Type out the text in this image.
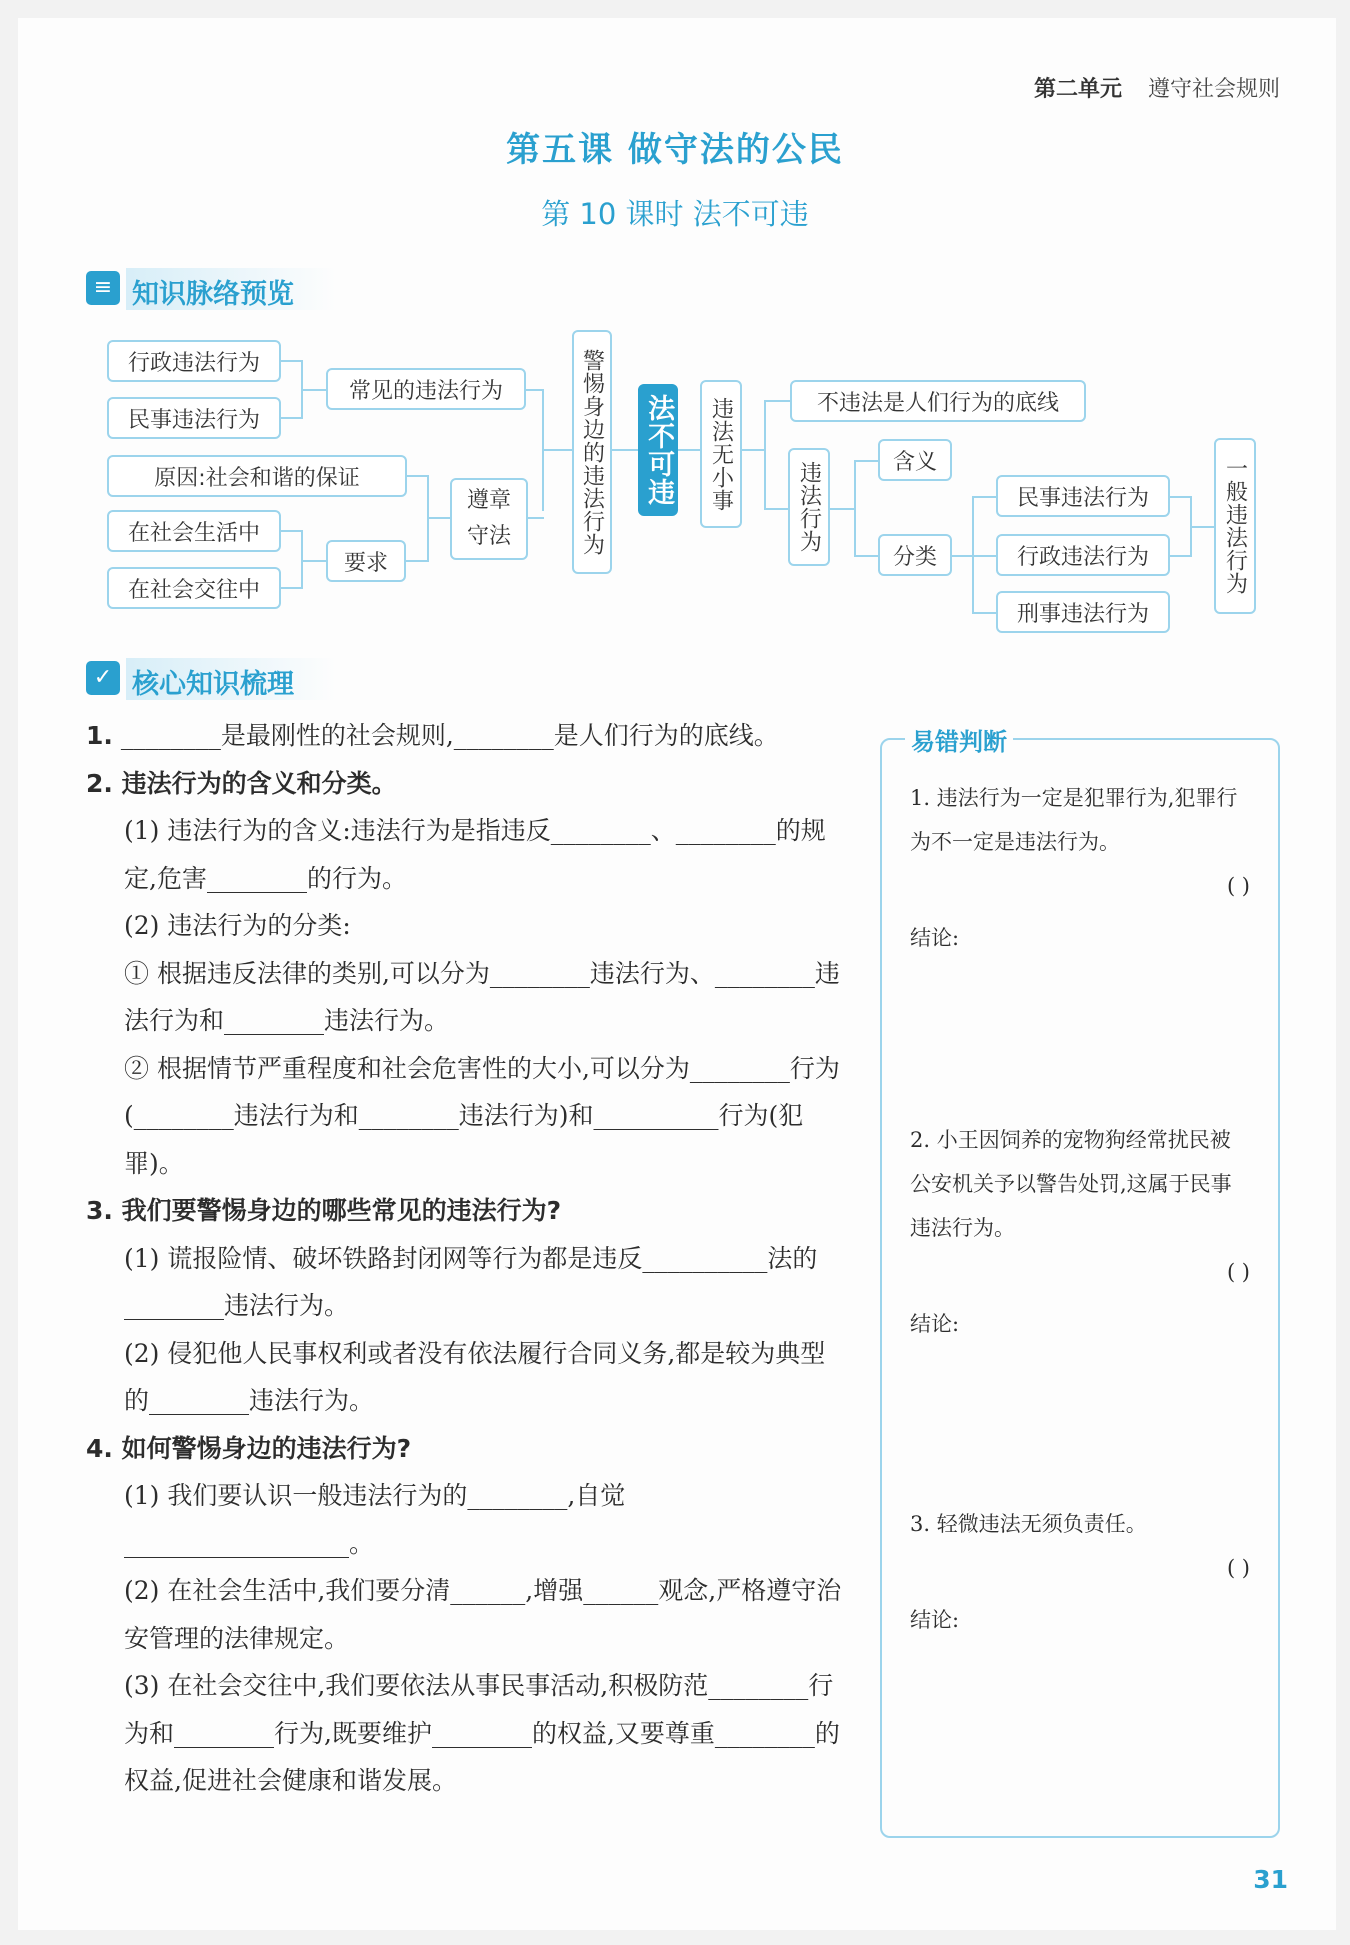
第二单元 遵守社会规则
第五课 做守法的公民
第 10 课时 法不可违
≡ 知识脉络预览
行政违法行为
民事违法行为
常见的违法行为
原因:社会和谐的保证
在社会生活中
在社会交往中
要求
遵章
守法	警惕身边的违法行为 法不可违 违法无小事	不违法是人们行为的底线
违法行为	含义
分类
民事违法行为
行政违法行为
刑事违法行为
一般违法行为
✓ 核心知识梳理

1. ________是最刚性的社会规则,________是人们行为的底线。

2. 违法行为的含义和分类。

(1) 违法行为的含义:违法行为是指违反________、________的规定,危害________的行为。

(2) 违法行为的分类:

① 根据违反法律的类别,可以分为________违法行为、________违法行为和________违法行为。

② 根据情节严重程度和社会危害性的大小,可以分为________行为(________违法行为和________违法行为)和__________行为(犯罪)。

3. 我们要警惕身边的哪些常见的违法行为?

(1) 谎报险情、破坏铁路封闭网等行为都是违反__________法的________违法行为。

(2) 侵犯他人民事权利或者没有依法履行合同义务,都是较为典型的________违法行为。

4. 如何警惕身边的违法行为?

(1) 我们要认识一般违法行为的________,自觉__________________。

(2) 在社会生活中,我们要分清______,增强______观念,严格遵守治安管理的法律规定。

(3) 在社会交往中,我们要依法从事民事活动,积极防范________行为和________行为,既要维护________的权益,又要尊重________的权益,促进社会健康和谐发展。

易错判断

1. 违法行为一定是犯罪行为,犯罪行为不一定是违法行为。

( )

结论:

2. 小王因饲养的宠物狗经常扰民被公安机关予以警告处罚,这属于民事违法行为。

( )

结论:

3. 轻微违法无须负责任。

( )

结论:

31
